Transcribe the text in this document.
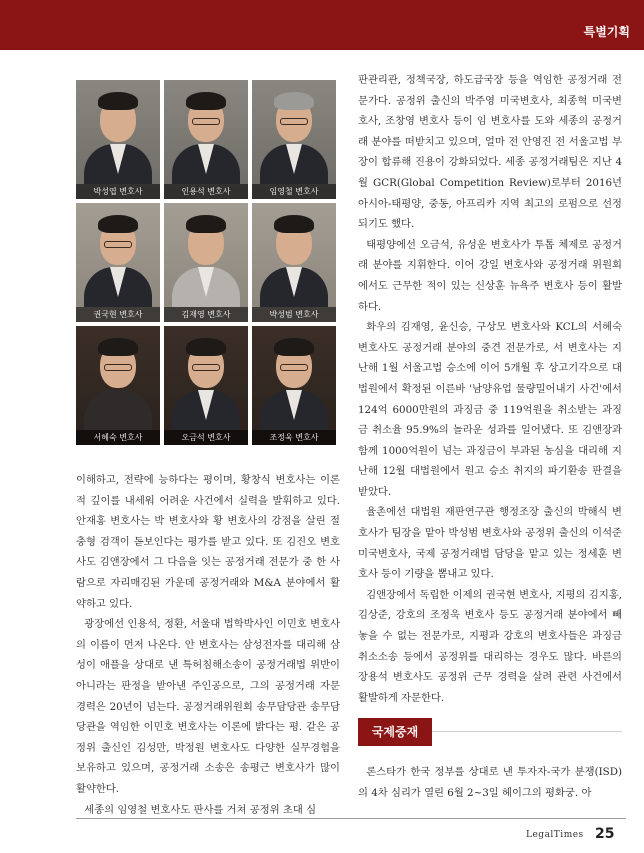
특별기획
박성엽 변호사	인용석 변호사	임영철 변호사
권국현 변호사	김재영 변호사	박성범 변호사
서혜숙 변호사	오금석 변호사	조정욱 변호사

이해하고, 전략에 능하다는 평이며, 황창식 변호사는 이론적 깊이를 내세워 어려운 사건에서 실력을 발휘하고 있다. 안재홍 변호사는 박 변호사와 황 변호사의 강점을 살린 절충형 검객이 돋보인다는 평가를 받고 있다. 또 김진오 변호사도 김앤장에서 그 다음을 잇는 공정거래 전문가 중 한 사람으로 자리매김된 가운데 공정거래와 M&A 분야에서 활약하고 있다.

광장에선 인용석, 정환, 서울대 법학박사인 이민호 변호사의 이름이 먼저 나온다. 안 변호사는 삼성전자를 대리해 삼성이 애플을 상대로 낸 특허침해소송이 공정거래법 위반이 아니라는 판정을 받아낸 주인공으로, 그의 공정거래 자문 경력은 20년이 넘는다. 공정거래위원회 송무담당관 송무담당관을 역임한 이민호 변호사는 이론에 밝다는 평. 같은 공정위 출신인 김성만, 박정원 변호사도 다양한 실무경험을 보유하고 있으며, 공정거래 소송은 송평근 변호사가 많이 활약한다.

세종의 임영철 변호사도 판사를 거쳐 공정위 초대 심

판관리관, 정책국장, 하도급국장 등을 역임한 공정거래 전문가다. 공정위 출신의 박주영 미국변호사, 최종혁 미국변호사, 조창영 변호사 등이 임 변호사를 도와 세종의 공정거래 분야를 떠받치고 있으며, 얼마 전 안영진 전 서울고법 부장이 합류해 진용이 강화되었다. 세종 공정거래팀은 지난 4월 GCR(Global Competition Review)로부터 2016년 아시아-태평양, 중동, 아프리카 지역 최고의 로펌으로 선정되기도 했다.

태평양에선 오금석, 유성운 변호사가 투톱 체제로 공정거래 분야를 지휘한다. 이어 강일 변호사와 공정거래 위원회에서도 근무한 적이 있는 신상훈 뉴욕주 변호사 등이 활발하다.

화우의 김재영, 윤신승, 구상모 변호사와 KCL의 서혜숙 변호사도 공정거래 분야의 중견 전문가로, 서 변호사는 지난해 1월 서울고법 승소에 이어 5개월 후 상고기각으로 대법원에서 확정된 이른바 '남양유업 물량밀어내기 사건'에서 124억 6000만원의 과징금 중 119억원을 취소받는 과징금 취소율 95.9%의 놀라운 성과를 일어냈다. 또 김앤장과 함께 1000억원이 넘는 과징금이 부과된 농심을 대리해 지난해 12월 대법원에서 원고 승소 취지의 파기환송 판결을 받았다.

율촌에선 대법원 재판연구관 행정조장 출신의 박해식 변호사가 팀장을 맡아 박성범 변호사와 공정위 출신의 이석준 미국변호사, 국제 공정거래법 담당을 맡고 있는 정세훈 변호사 등이 기량을 뽐내고 있다.

김앤장에서 독립한 이제의 권국현 변호사, 지평의 김지홍, 김상준, 강호의 조정욱 변호사 등도 공정거래 분야에서 빼놓을 수 없는 전문가로, 지평과 강호의 변호사들은 과징금 취소소송 등에서 공정위를 대리하는 경우도 많다. 바른의 장용석 변호사도 공정위 근무 경력을 살려 관련 사건에서 활발하게 자문한다.

국제중재

론스타가 한국 정부를 상대로 낸 투자자-국가 분쟁(ISD)의 4차 심리가 열린 6월 2~3일 헤이그의 평화궁. 아

LegalTimes 25
